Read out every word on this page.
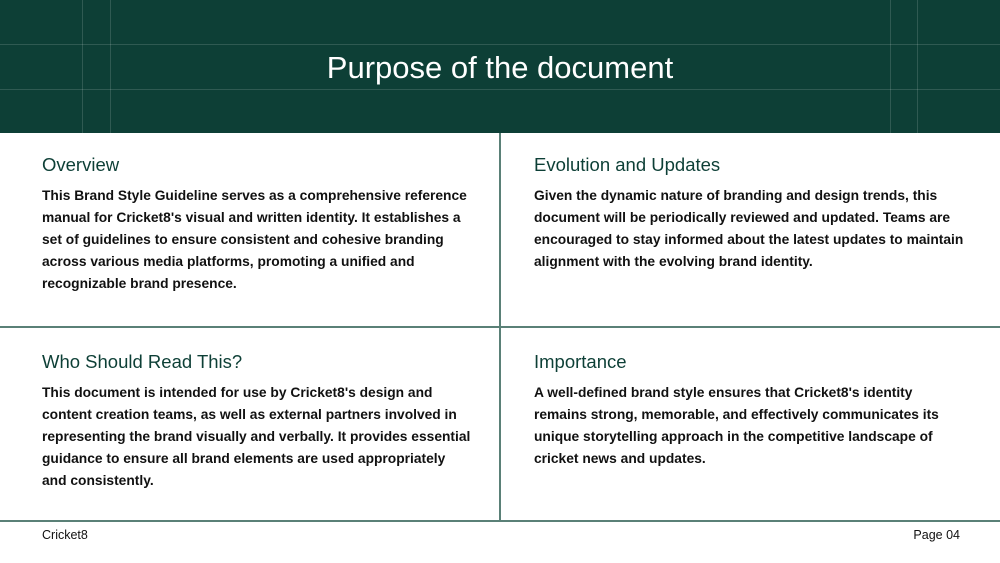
Purpose of the document
Overview

This Brand Style Guideline serves as a comprehensive reference manual for Cricket8's visual and written identity. It establishes a set of guidelines to ensure consistent and cohesive branding across various media platforms, promoting a unified and recognizable brand presence.

Evolution and Updates

Given the dynamic nature of branding and design trends, this document will be periodically reviewed and updated. Teams are encouraged to stay informed about the latest updates to maintain alignment with the evolving brand identity.

Who Should Read This?

This document is intended for use by Cricket8's design and content creation teams, as well as external partners involved in representing the brand visually and verbally. It provides essential guidance to ensure all brand elements are used appropriately and consistently.

Importance

A well-defined brand style ensures that Cricket8's identity remains strong, memorable, and effectively communicates its unique storytelling approach in the competitive landscape of cricket news and updates.

Cricket8	Page 04
